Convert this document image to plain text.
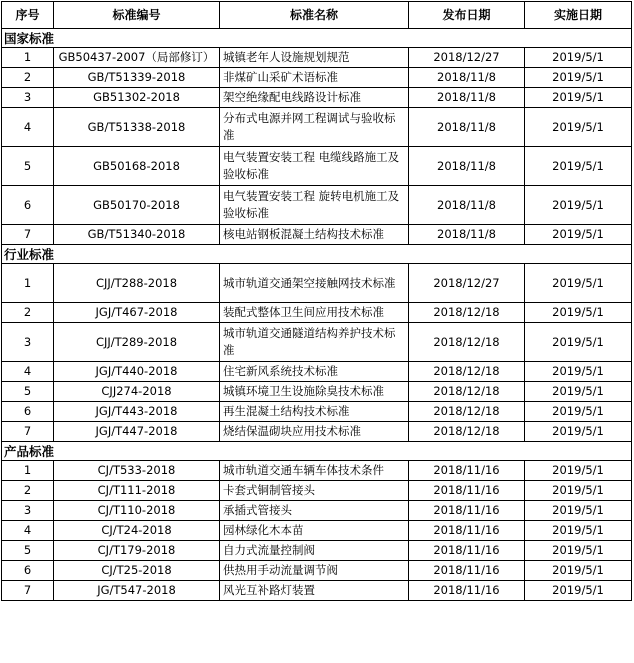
序号	标准编号	标准名称	发布日期	实施日期
国家标准				
1	GB50437-2007（局部修订）	城镇老年人设施规划规范	2018/12/27	2019/5/1
2	GB/T51339-2018	非煤矿山采矿术语标准	2018/11/8	2019/5/1
3	GB51302-2018	架空绝缘配电线路设计标准	2018/11/8	2019/5/1
4	GB/T51338-2018	分布式电源并网工程调试与验收标准	2018/11/8	2019/5/1
5	GB50168-2018	电气装置安装工程 电缆线路施工及验收标准	2018/11/8	2019/5/1
6	GB50170-2018	电气装置安装工程 旋转电机施工及验收标准	2018/11/8	2019/5/1
7	GB/T51340-2018	核电站钢板混凝土结构技术标准	2018/11/8	2019/5/1
行业标准				
1	CJJ/T288-2018	城市轨道交通架空接触网技术标准	2018/12/27	2019/5/1
2	JGJ/T467-2018	装配式整体卫生间应用技术标准	2018/12/18	2019/5/1
3	CJJ/T289-2018	城市轨道交通隧道结构养护技术标准	2018/12/18	2019/5/1
4	JGJ/T440-2018	住宅新风系统技术标准	2018/12/18	2019/5/1
5	CJJ274-2018	城镇环境卫生设施除臭技术标准	2018/12/18	2019/5/1
6	JGJ/T443-2018	再生混凝土结构技术标准	2018/12/18	2019/5/1
7	JGJ/T447-2018	烧结保温砌块应用技术标准	2018/12/18	2019/5/1
产品标准				
1	CJ/T533-2018	城市轨道交通车辆车体技术条件	2018/11/16	2019/5/1
2	CJ/T111-2018	卡套式铜制管接头	2018/11/16	2019/5/1
3	CJ/T110-2018	承插式管接头	2018/11/16	2019/5/1
4	CJ/T24-2018	园林绿化木本苗	2018/11/16	2019/5/1
5	CJ/T179-2018	自力式流量控制阀	2018/11/16	2019/5/1
6	CJ/T25-2018	供热用手动流量调节阀	2018/11/16	2019/5/1
7	JG/T547-2018	风光互补路灯装置	2018/11/16	2019/5/1
